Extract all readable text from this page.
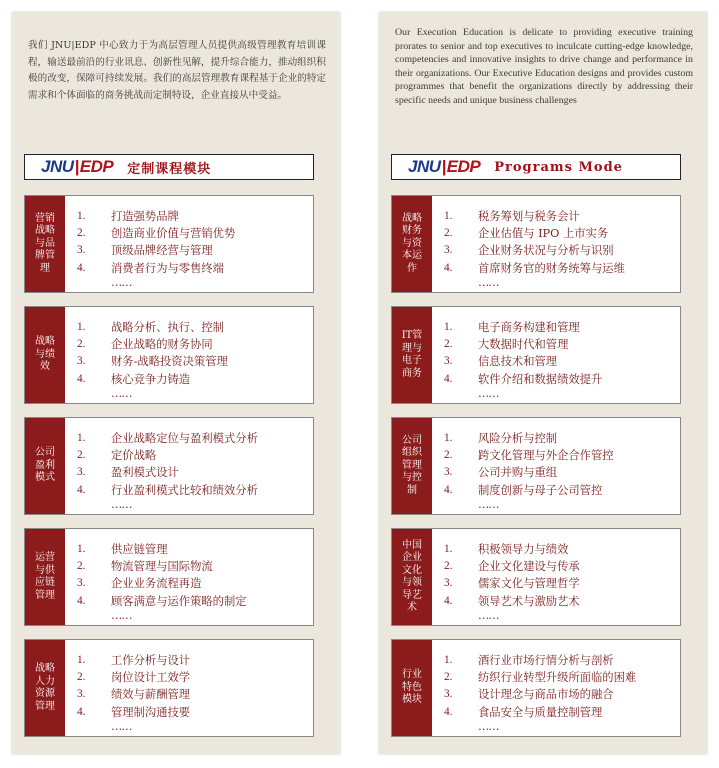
我们 JNU|EDP 中心致力于为高层管理人员提供高级管理教育培训课程，输送最前沿的行业讯息、创新性见解，提升综合能力，推动组织积极的改变，保障可持续发展。我们的高层管理教育课程基于企业的特定需求和个体面临的商务挑战而定制特设，企业直接从中受益。
JNU | EDP 定制课程模块
营销战略与品牌管理
1.	打造强势品牌
2.	创造商业价值与营销优势
3.	顶级品牌经营与管理
4.	消费者行为与零售终端
……
战略与绩效
1.	战略分析、执行、控制
2.	企业战略的财务协同
3.	财务-战略投资决策管理
4.	核心竞争力铸造
……
公司盈利模式
1.	企业战略定位与盈利模式分析
2.	定价战略
3.	盈利模式设计
4.	行业盈利模式比较和绩效分析
……
运营与供应链管理
1.	供应链管理
2.	物流管理与国际物流
3.	企业业务流程再造
4.	顾客满意与运作策略的制定
……
战略人力资源管理
1.	工作分析与设计
2.	岗位设计工效学
3.	绩效与薪酬管理
4.	管理制沟通技要
……
Our Execution Education is delicate to providing executive training prorates to senior and top executives to inculcate cutting-edge knowledge, competencies and innovative insights to drive change and performance in their organizations. Our Executive Education designs and provides custom programmes that benefit the organizations directly by addressing their specific needs and unique business challenges
JNU | EDP Programs Mode
战略财务与资本运作
1.	税务筹划与税务会计
2.	企业估值与 IPO 上市实务
3.	企业财务状况与分析与识别
4.	首席财务官的财务统筹与运维
……
IT管理与电子商务
1.	电子商务构建和管理
2.	大数据时代和管理
3.	信息技术和管理
4.	软件介绍和数据绩效提升
……
公司组织管理与控制
1.	风险分析与控制
2.	跨文化管理与外企合作管控
3.	公司并购与重组
4.	制度创新与母子公司管控
……
中国企业文化与领导艺术
1.	积极领导力与绩效
2.	企业文化建设与传承
3.	儒家文化与管理哲学
4.	领导艺术与激励艺术
……
行业特色模块
1.	酒行业市场行情分析与剖析
2.	纺织行业转型升级所面临的困难
3.	设计理念与商品市场的融合
4.	食品安全与质量控制管理
……
